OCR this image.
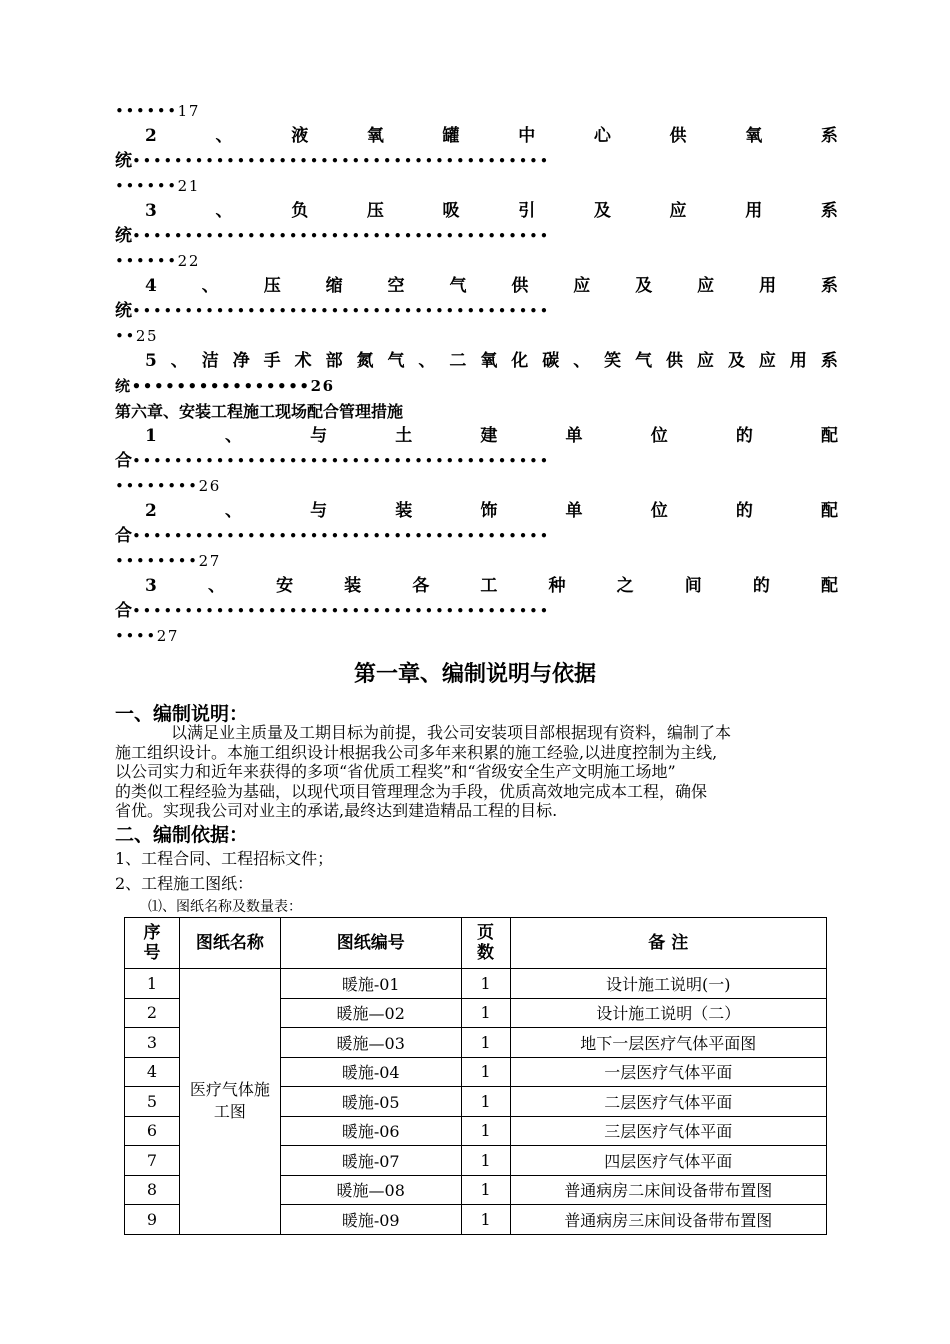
••••••17
2	、	液	氧	罐	中	心	供	氧	系
统••••••••••••••••••••••••••••••••••••••••
••••••21
3	、	负	压	吸	引	及	应	用	系
统••••••••••••••••••••••••••••••••••••••••
••••••22
4	、	压	缩	空	气	供	应	及	应	用	系
统••••••••••••••••••••••••••••••••••••••••
••25
5 、 洁 净 手 术 部 氮 气 、 二 氧 化 碳 、 笑 气 供 应 及 应 用 系
统••••••••••••••••26
第六章、安装工程施工现场配合管理措施
1	、	与	土	建	单	位	的	配
合••••••••••••••••••••••••••••••••••••••••
••••••••26
2	、	与	装	饰	单	位	的	配
合••••••••••••••••••••••••••••••••••••••••
••••••••27
3	、	安	装	各	工	种	之	间	的	配
合••••••••••••••••••••••••••••••••••••••••
••••27
第一章、编制说明与依据
一、编制说明：

以满足业主质量及工期目标为前提，我公司安装项目部根据现有资料，编制了本

施工组织设计。本施工组织设计根据我公司多年来积累的施工经验,以进度控制为主线,

以公司实力和近年来获得的多项“省优质工程奖”和“省级安全生产文明施工场地”

的类似工程经验为基础，以现代项目管理理念为手段，优质高效地完成本工程，确保

省优。实现我公司对业主的承诺,最终达到建造精品工程的目标.

二、编制依据：
1、工程合同、工程招标文件；
2、工程施工图纸：
⑴、图纸名称及数量表：
序号	图纸名称	图纸编号	页数	备 注
1	医疗气体施工图	暖施-01	1	设计施工说明(一)
2		暖施—02	1	设计施工说明（二）
3		暖施—03	1	地下一层医疗气体平面图
4		暖施-04	1	一层医疗气体平面
5		暖施-05	1	二层医疗气体平面
6		暖施-06	1	三层医疗气体平面
7		暖施-07	1	四层医疗气体平面
8		暖施—08	1	普通病房二床间设备带布置图
9		暖施-09	1	普通病房三床间设备带布置图
